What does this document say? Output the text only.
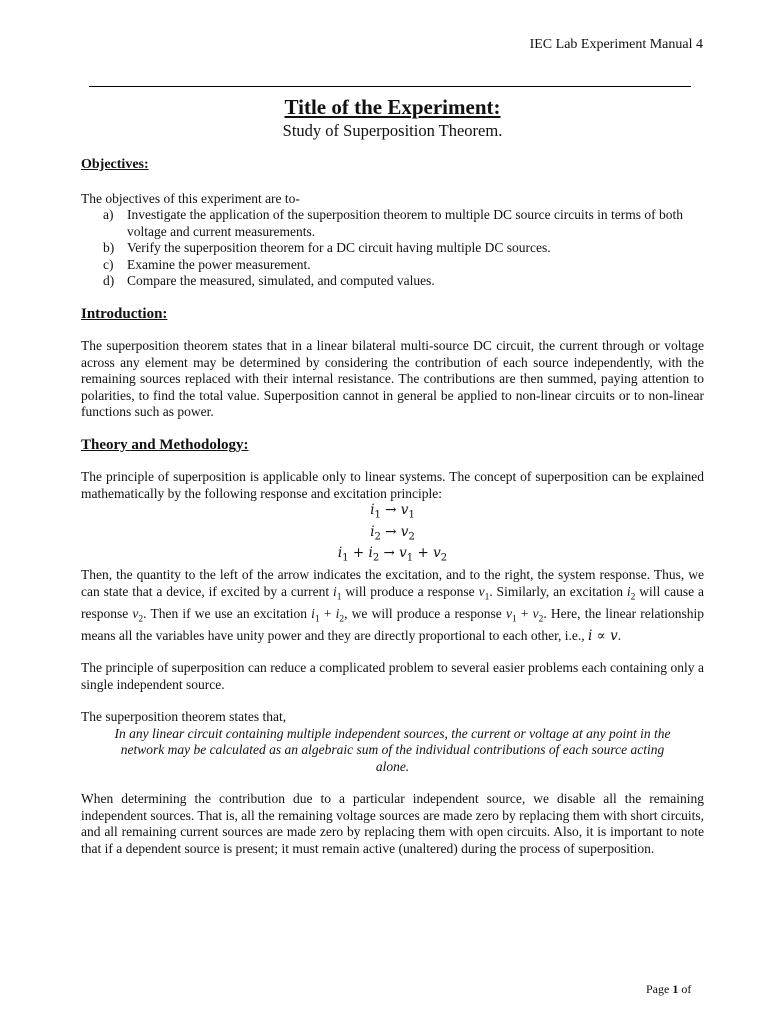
IEC Lab Experiment Manual 4
Title of the Experiment:

Study of Superposition Theorem.

Objectives:

The objectives of this experiment are to-

a) Investigate the application of the superposition theorem to multiple DC source circuits in terms of both voltage and current measurements.
b) Verify the superposition theorem for a DC circuit having multiple DC sources.
c) Examine the power measurement.
d) Compare the measured, simulated, and computed values.

Introduction:

The superposition theorem states that in a linear bilateral multi-source DC circuit, the current through or voltage across any element may be determined by considering the contribution of each source independently, with the remaining sources replaced with their internal resistance. The contributions are then summed, paying attention to polarities, to find the total value. Superposition cannot in general be applied to non-linear circuits or to non-linear functions such as power.

Theory and Methodology:

The principle of superposition is applicable only to linear systems. The concept of superposition can be explained mathematically by the following response and excitation principle:

$i_1 \to v_1$
$i_2 \to v_2$
$i_1 + i_2 \to v_1 + v_2$

Then, the quantity to the left of the arrow indicates the excitation, and to the right, the system response. Thus, we can state that a device, if excited by a current $i_1$ will produce a response $v_1$. Similarly, an excitation $i_2$ will cause a response $v_2$. Then if we use an excitation $i_1 + i_2$, we will produce a response $v_1 + v_2$. Here, the linear relationship means all the variables have unity power and they are directly proportional to each other, i.e., i ∝ v.

The principle of superposition can reduce a complicated problem to several easier problems each containing only a single independent source.

The superposition theorem states that,

In any linear circuit containing multiple independent sources, the current or voltage at any point in the network may be calculated as an algebraic sum of the individual contributions of each source acting alone.

When determining the contribution due to a particular independent source, we disable all the remaining independent sources. That is, all the remaining voltage sources are made zero by replacing them with short circuits, and all remaining current sources are made zero by replacing them with open circuits. Also, it is important to note that if a dependent source is present; it must remain active (unaltered) during the process of superposition.

Page 1 of
